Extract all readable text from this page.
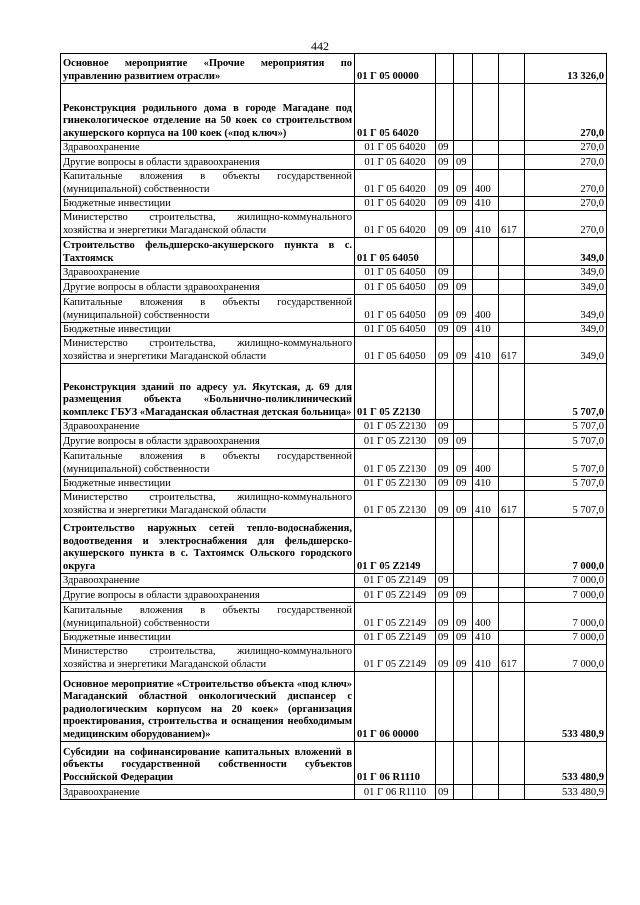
442
Основное мероприятие «Прочие мероприятия по управлению развитием отрасли»	01 Г 05 00000					13 326,0
Реконструкция родильного дома в городе Магадане под гинекологическое отделение на 50 коек со строительством акушерского корпуса на 100 коек («под ключ»)	01 Г 05 64020					270,0
Здравоохранение	01 Г 05 64020	09				270,0
Другие вопросы в области здравоохранения	01 Г 05 64020	09	09			270,0
Капитальные вложения в объекты государственной (муниципальной) собственности	01 Г 05 64020	09	09	400		270,0
Бюджетные инвестиции	01 Г 05 64020	09	09	410		270,0
Министерство строительства, жилищно-коммунального хозяйства и энергетики Магаданской области	01 Г 05 64020	09	09	410	617	270,0
Строительство фельдшерско-акушерского пункта в с. Тахтоямск	01 Г 05 64050					349,0
Здравоохранение	01 Г 05 64050	09				349,0
Другие вопросы в области здравоохранения	01 Г 05 64050	09	09			349,0
Капитальные вложения в объекты государственной (муниципальной) собственности	01 Г 05 64050	09	09	400		349,0
Бюджетные инвестиции	01 Г 05 64050	09	09	410		349,0
Министерство строительства, жилищно-коммунального хозяйства и энергетики Магаданской области	01 Г 05 64050	09	09	410	617	349,0
Реконструкция зданий по адресу ул. Якутская, д. 69 для размещения объекта «Больнично-поликлинический комплекс ГБУЗ «Магаданская областная детская больница»	01 Г 05 Z2130					5 707,0
Здравоохранение	01 Г 05 Z2130	09				5 707,0
Другие вопросы в области здравоохранения	01 Г 05 Z2130	09	09			5 707,0
Капитальные вложения в объекты государственной (муниципальной) собственности	01 Г 05 Z2130	09	09	400		5 707,0
Бюджетные инвестиции	01 Г 05 Z2130	09	09	410		5 707,0
Министерство строительства, жилищно-коммунального хозяйства и энергетики Магаданской области	01 Г 05 Z2130	09	09	410	617	5 707,0
Строительство наружных сетей тепло-водоснабжения, водоотведения и электроснабжения для фельдшерско-акушерского пункта в с. Тахтоямск Ольского городского округа	01 Г 05 Z2149					7 000,0
Здравоохранение	01 Г 05 Z2149	09				7 000,0
Другие вопросы в области здравоохранения	01 Г 05 Z2149	09	09			7 000,0
Капитальные вложения в объекты государственной (муниципальной) собственности	01 Г 05 Z2149	09	09	400		7 000,0
Бюджетные инвестиции	01 Г 05 Z2149	09	09	410		7 000,0
Министерство строительства, жилищно-коммунального хозяйства и энергетики Магаданской области	01 Г 05 Z2149	09	09	410	617	7 000,0
Основное мероприятие «Строительство объекта «под ключ» Магаданский областной онкологический диспансер с радиологическим корпусом на 20 коек» (организация проектирования, строительства и оснащения необходимым медицинским оборудованием)»	01 Г 06 00000					533 480,9
Субсидии на софинансирование капитальных вложений в объекты государственной собственности субъектов Российской Федерации	01 Г 06 R1110					533 480,9
Здравоохранение	01 Г 06 R1110	09				533 480,9
